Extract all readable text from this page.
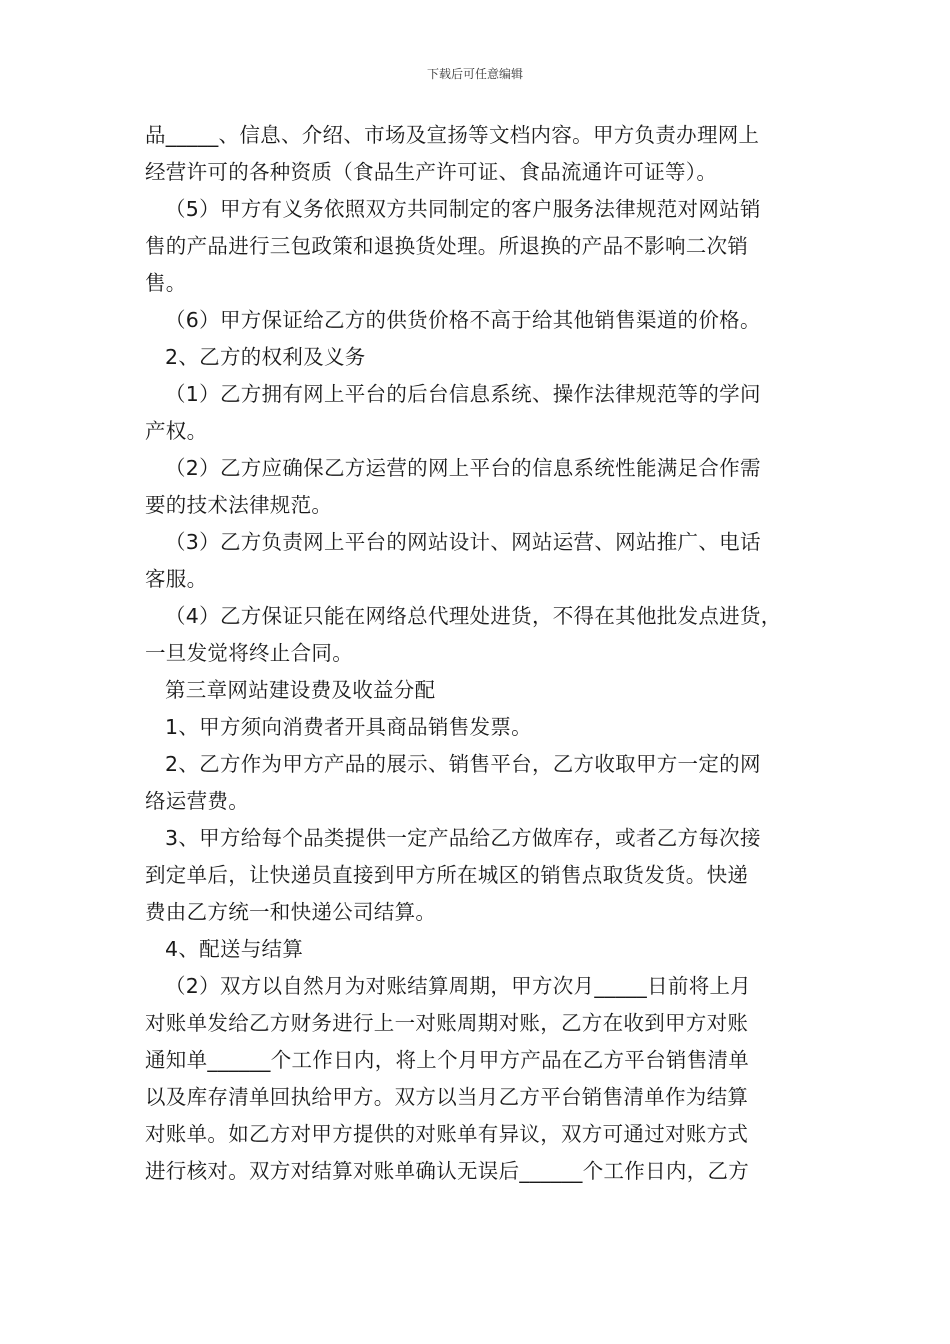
下载后可任意编辑
品_____、信息、介绍、市场及宣扬等文档内容。甲方负责办理网上
经营许可的各种资质（食品生产许可证、食品流通许可证等）。
（5）甲方有义务依照双方共同制定的客户服务法律规范对网站销
售的产品进行三包政策和退换货处理。所退换的产品不影响二次销
售。
（6）甲方保证给乙方的供货价格不高于给其他销售渠道的价格。
2、乙方的权利及义务
（1）乙方拥有网上平台的后台信息系统、操作法律规范等的学问
产权。
（2）乙方应确保乙方运营的网上平台的信息系统性能满足合作需
要的技术法律规范。
（3）乙方负责网上平台的网站设计、网站运营、网站推广、电话
客服。
（4）乙方保证只能在网络总代理处进货，不得在其他批发点进货，
一旦发觉将终止合同。
第三章网站建设费及收益分配
1、甲方须向消费者开具商品销售发票。
2、乙方作为甲方产品的展示、销售平台，乙方收取甲方一定的网
络运营费。
3、甲方给每个品类提供一定产品给乙方做库存，或者乙方每次接
到定单后，让快递员直接到甲方所在城区的销售点取货发货。快递
费由乙方统一和快递公司结算。
4、配送与结算
（2）双方以自然月为对账结算周期，甲方次月_____日前将上月
对账单发给乙方财务进行上一对账周期对账，乙方在收到甲方对账
通知单______个工作日内，将上个月甲方产品在乙方平台销售清单
以及库存清单回执给甲方。双方以当月乙方平台销售清单作为结算
对账单。如乙方对甲方提供的对账单有异议，双方可通过对账方式
进行核对。双方对结算对账单确认无误后______个工作日内，乙方
